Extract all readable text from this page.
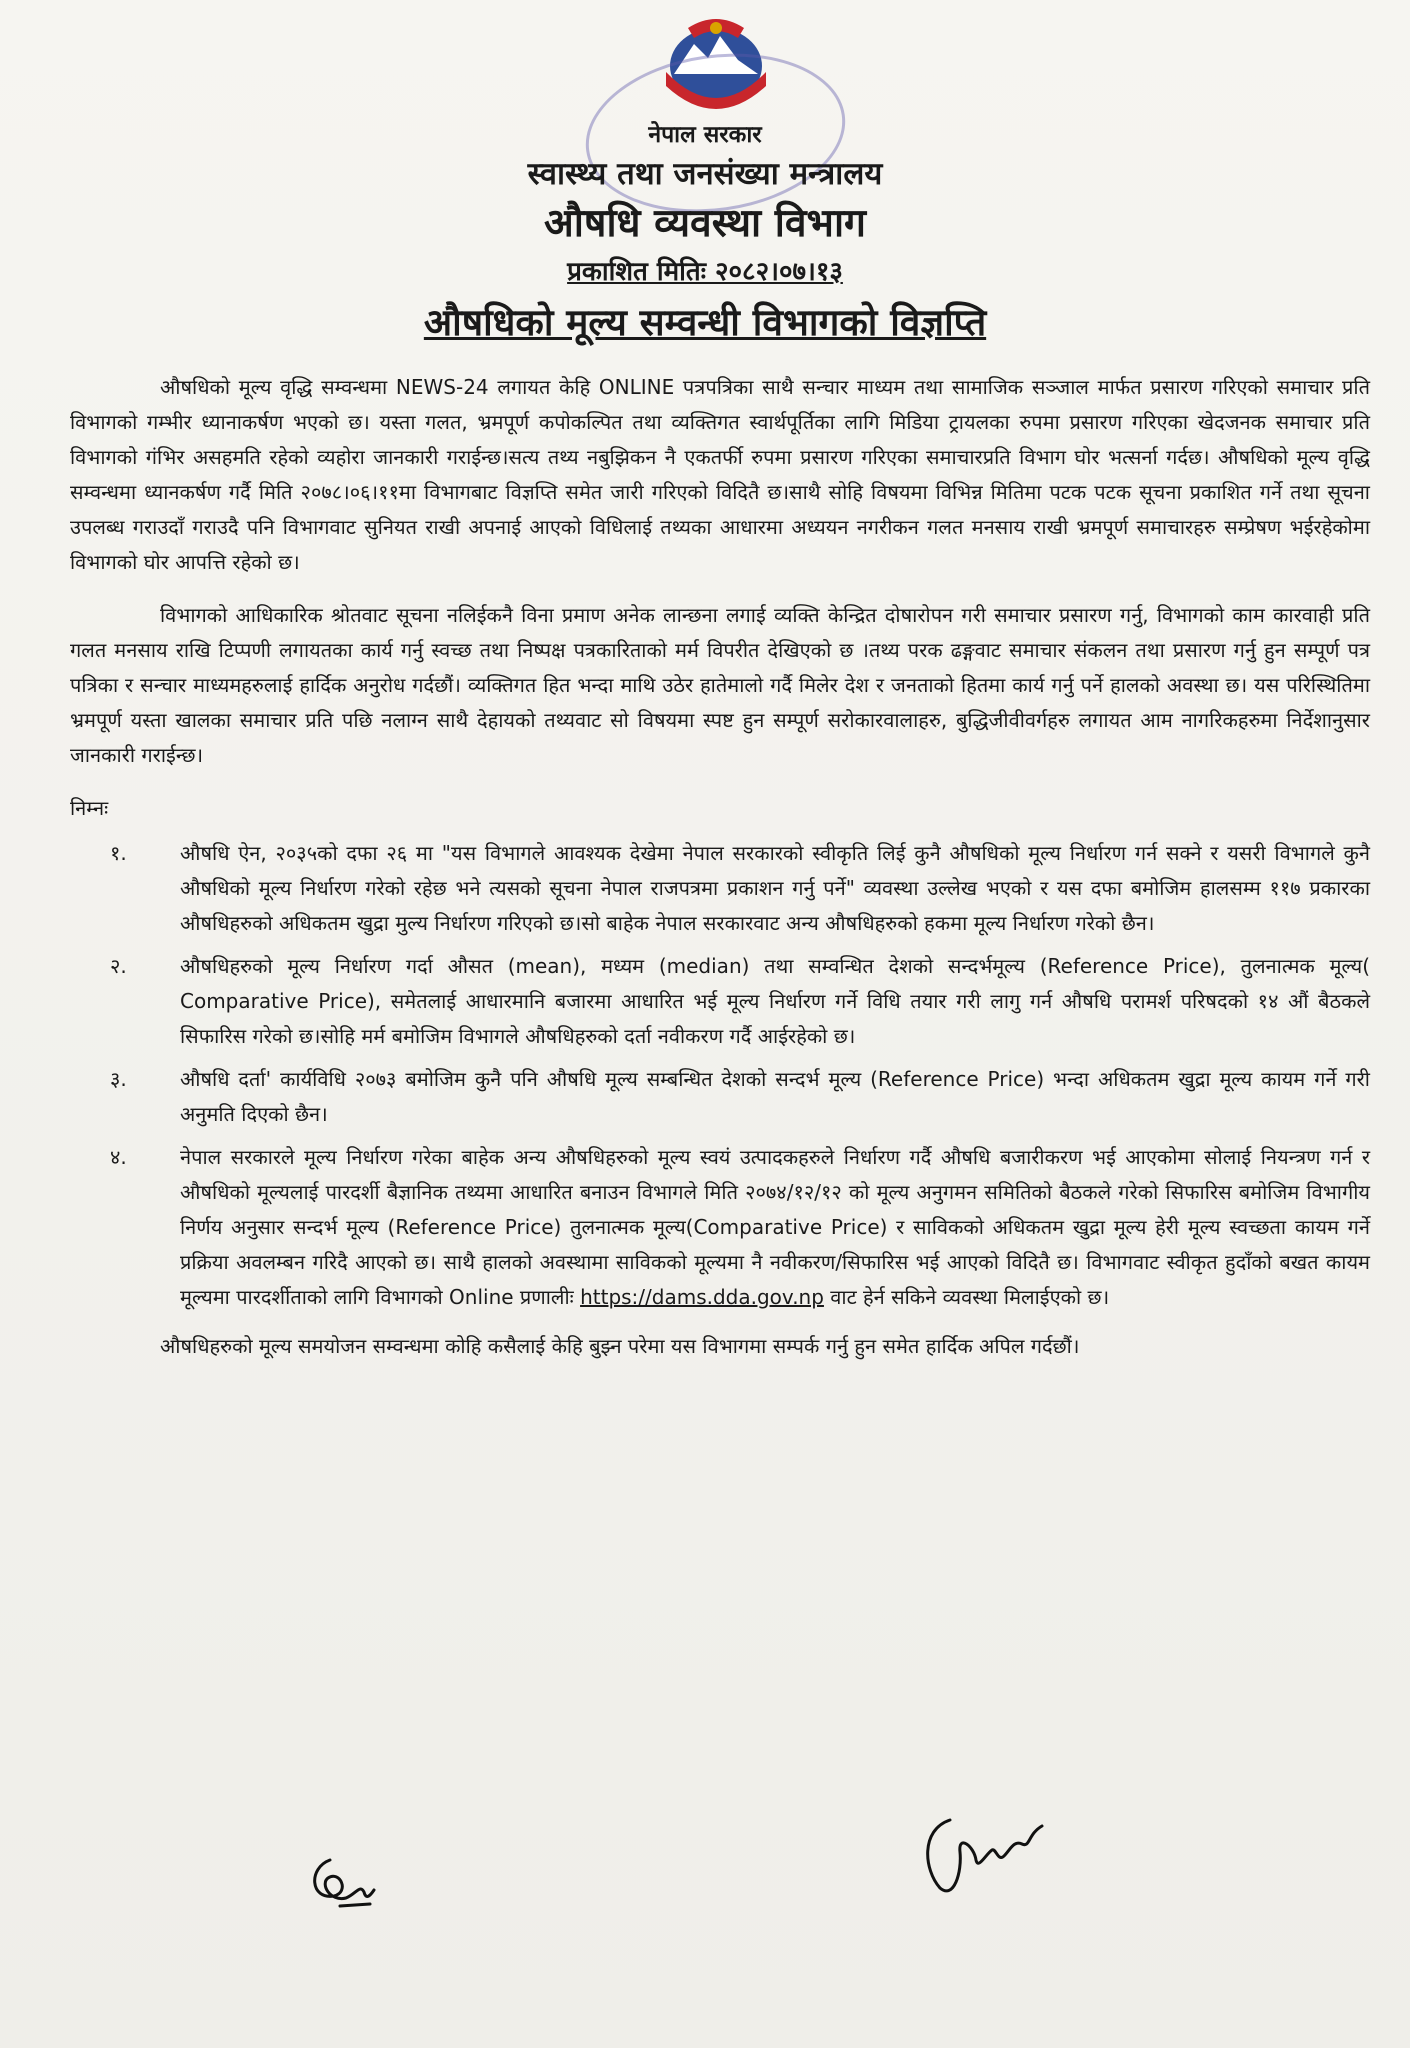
नेपाल सरकार
स्वास्थ्य तथा जनसंख्या मन्त्रालय
औषधि व्यवस्था विभाग
प्रकाशित मितिः २०८२।०७।१३
औषधिको मूल्य सम्वन्धी विभागको विज्ञप्ति

औषधिको मूल्य वृद्धि सम्वन्धमा NEWS-24 लगायत केहि ONLINE पत्रपत्रिका साथै सन्चार माध्यम तथा सामाजिक सञ्जाल मार्फत प्रसारण गरिएको समाचार प्रति विभागको गम्भीर ध्यानाकर्षण भएको छ। यस्ता गलत, भ्रमपूर्ण कपोकल्पित तथा व्यक्तिगत स्वार्थपूर्तिका लागि मिडिया ट्रायलका रुपमा प्रसारण गरिएका खेदजनक समाचार प्रति विभागको गंभिर असहमति रहेको व्यहोरा जानकारी गराईन्छ।सत्य तथ्य नबुझिकन नै एकतर्फी रुपमा प्रसारण गरिएका समाचारप्रति विभाग घोर भत्सर्ना गर्दछ। औषधिको मूल्य वृद्धि सम्वन्धमा ध्यानकर्षण गर्दै मिति २०७८।०६।११मा विभागबाट विज्ञप्ति समेत जारी गरिएको विदितै छ।साथै सोहि विषयमा विभिन्न मितिमा पटक पटक सूचना प्रकाशित गर्ने तथा सूचना उपलब्ध गराउदाँ गराउदै पनि विभागवाट सुनियत राखी अपनाई आएको विधिलाई तथ्यका आधारमा अध्ययन नगरीकन गलत मनसाय राखी भ्रमपूर्ण समाचारहरु सम्प्रेषण भईरहेकोमा विभागको घोर आपत्ति रहेको छ।

विभागको आधिकारिक श्रोतवाट सूचना नलिईकनै विना प्रमाण अनेक लान्छना लगाई व्यक्ति केन्द्रित दोषारोपन गरी समाचार प्रसारण गर्नु, विभागको काम कारवाही प्रति गलत मनसाय राखि टिप्पणी लगायतका कार्य गर्नु स्वच्छ तथा निष्पक्ष पत्रकारिताको मर्म विपरीत देखिएको छ ।तथ्य परक ढङ्गवाट समाचार संकलन तथा प्रसारण गर्नु हुन सम्पूर्ण पत्र पत्रिका र सन्चार माध्यमहरुलाई हार्दिक अनुरोध गर्दछौं। व्यक्तिगत हित भन्दा माथि उठेर हातेमालो गर्दै मिलेर देश र जनताको हितमा कार्य गर्नु पर्ने हालको अवस्था छ। यस परिस्थितिमा भ्रमपूर्ण यस्ता खालका समाचार प्रति पछि नलाग्न साथै देहायको तथ्यवाट सो विषयमा स्पष्ट हुन सम्पूर्ण सरोकारवालाहरु, बुद्धिजीवीवर्गहरु लगायत आम नागरिकहरुमा निर्देशानुसार जानकारी गराईन्छ।

निम्नः
१.	औषधि ऐन, २०३५को दफा २६ मा "यस विभागले आवश्यक देखेमा नेपाल सरकारको स्वीकृति लिई कुनै औषधिको मूल्य निर्धारण गर्न सक्ने र यसरी विभागले कुनै औषधिको मूल्य निर्धारण गरेको रहेछ भने त्यसको सूचना नेपाल राजपत्रमा प्रकाशन गर्नु पर्ने" व्यवस्था उल्लेख भएको र यस दफा बमोजिम हालसम्म ११७ प्रकारका औषधिहरुको अधिकतम खुद्रा मुल्य निर्धारण गरिएको छ।सो बाहेक नेपाल सरकारवाट अन्य औषधिहरुको हकमा मूल्य निर्धारण गरेको छैन।
२.	औषधिहरुको मूल्य निर्धारण गर्दा औसत (mean), मध्यम (median) तथा सम्वन्धित देशको सन्दर्भमूल्य (Reference Price), तुलनात्मक मूल्य( Comparative Price), समेतलाई आधारमानि बजारमा आधारित भई मूल्य निर्धारण गर्ने विधि तयार गरी लागु गर्न औषधि परामर्श परिषदको १४ औं बैठकले सिफारिस गरेको छ।सोहि मर्म बमोजिम विभागले औषधिहरुको दर्ता नवीकरण गर्दै आईरहेको छ।
३.	औषधि दर्ता' कार्यविधि २०७३ बमोजिम कुनै पनि औषधि मूल्य सम्बन्धित देशको सन्दर्भ मूल्य (Reference Price) भन्दा अधिकतम खुद्रा मूल्य कायम गर्ने गरी अनुमति दिएको छैन।
४.	नेपाल सरकारले मूल्य निर्धारण गरेका बाहेक अन्य औषधिहरुको मूल्य स्वयं उत्पादकहरुले निर्धारण गर्दै औषधि बजारीकरण भई आएकोमा सोलाई नियन्त्रण गर्न र औषधिको मूल्यलाई पारदर्शी बैज्ञानिक तथ्यमा आधारित बनाउन विभागले मिति २०७४/१२/१२ को मूल्य अनुगमन समितिको बैठकले गरेको सिफारिस बमोजिम विभागीय निर्णय अनुसार सन्दर्भ मूल्य (Reference Price) तुलनात्मक मूल्य(Comparative Price) र साविकको अधिकतम खुद्रा मूल्य हेरी मूल्य स्वच्छता कायम गर्ने प्रक्रिया अवलम्बन गरिदै आएको छ। साथै हालको अवस्थामा साविकको मूल्यमा नै नवीकरण/सिफारिस भई आएको विदितै छ। विभागवाट स्वीकृत हुदाँको बखत कायम मूल्यमा पारदर्शीताको लागि विभागको Online प्रणालीः https://dams.dda.gov.np वाट हेर्न सकिने व्यवस्था मिलाईएको छ।

औषधिहरुको मूल्य समयोजन सम्वन्धमा कोहि कसैलाई केहि बुझ्न परेमा यस विभागमा सम्पर्क गर्नु हुन समेत हार्दिक अपिल गर्दछौं।
